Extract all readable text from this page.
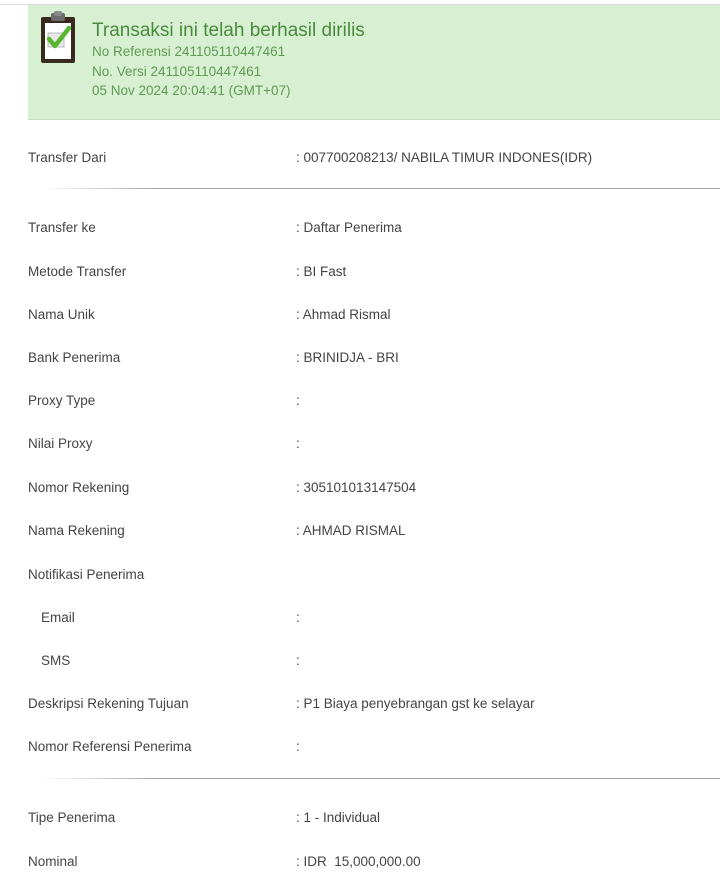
Transaksi ini telah berhasil dirilis
No Referensi 241105110447461
No. Versi 241105110447461
05 Nov 2024 20:04:41 (GMT+07)
Transfer Dari	: 007700208213/ NABILA TIMUR INDONES(IDR)
Transfer ke	: Daftar Penerima
Metode Transfer	: BI Fast
Nama Unik	: Ahmad Rismal
Bank Penerima	: BRINIDJA - BRI
Proxy Type	:
Nilai Proxy	:
Nomor Rekening	: 305101013147504
Nama Rekening	: AHMAD RISMAL
Notifikasi Penerima
Email	:
SMS	:
Deskripsi Rekening Tujuan	: P1 Biaya penyebrangan gst ke selayar
Nomor Referensi Penerima	:
Tipe Penerima	: 1 - Individual
Nominal	: IDR  15,000,000.00
